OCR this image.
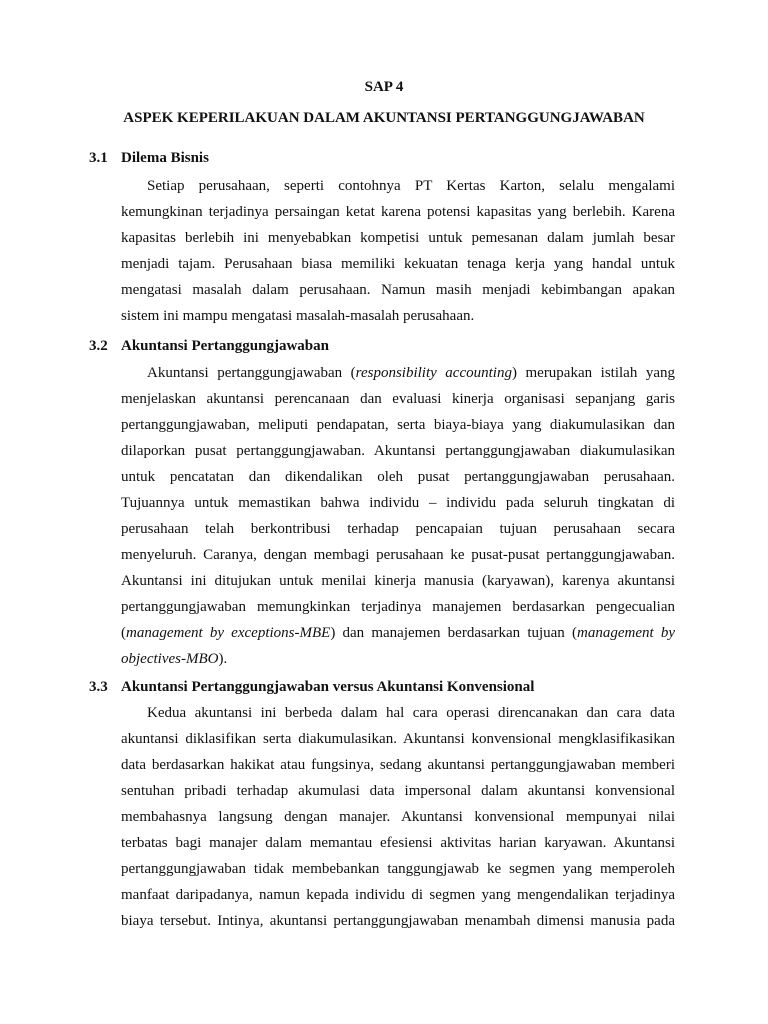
SAP 4
ASPEK KEPERILAKUAN DALAM AKUNTANSI PERTANGGUNGJAWABAN
3.1 Dilema Bisnis
Setiap perusahaan, seperti contohnya PT Kertas Karton, selalu mengalami
kemungkinan terjadinya persaingan ketat karena potensi kapasitas yang berlebih. Karena
kapasitas berlebih ini menyebabkan kompetisi untuk pemesanan dalam jumlah besar
menjadi tajam. Perusahaan biasa memiliki kekuatan tenaga kerja yang handal untuk
mengatasi masalah dalam perusahaan. Namun masih menjadi kebimbangan apakan
sistem ini mampu mengatasi masalah-masalah perusahaan.
3.2 Akuntansi Pertanggungjawaban
Akuntansi pertanggungjawaban (responsibility accounting) merupakan istilah yang
menjelaskan akuntansi perencanaan dan evaluasi kinerja organisasi sepanjang garis
pertanggungjawaban, meliputi pendapatan, serta biaya-biaya yang diakumulasikan dan
dilaporkan pusat pertanggungjawaban. Akuntansi pertanggungjawaban diakumulasikan
untuk pencatatan dan dikendalikan oleh pusat pertanggungjawaban perusahaan.
Tujuannya untuk memastikan bahwa individu – individu pada seluruh tingkatan di
perusahaan telah berkontribusi terhadap pencapaian tujuan perusahaan secara
menyeluruh. Caranya, dengan membagi perusahaan ke pusat-pusat pertanggungjawaban.
Akuntansi ini ditujukan untuk menilai kinerja manusia (karyawan), karenya akuntansi
pertanggungjawaban memungkinkan terjadinya manajemen berdasarkan pengecualian
(management by exceptions-MBE) dan manajemen berdasarkan tujuan (management by
objectives-MBO).
3.3 Akuntansi Pertanggungjawaban versus Akuntansi Konvensional
Kedua akuntansi ini berbeda dalam hal cara operasi direncanakan dan cara data
akuntansi diklasifikan serta diakumulasikan. Akuntansi konvensional mengklasifikasikan
data berdasarkan hakikat atau fungsinya, sedang akuntansi pertanggungjawaban memberi
sentuhan pribadi terhadap akumulasi data impersonal dalam akuntansi konvensional
membahasnya langsung dengan manajer. Akuntansi konvensional mempunyai nilai
terbatas bagi manajer dalam memantau efesiensi aktivitas harian karyawan. Akuntansi
pertanggungjawaban tidak membebankan tanggungjawab ke segmen yang memperoleh
manfaat daripadanya, namun kepada individu di segmen yang mengendalikan terjadinya
biaya tersebut. Intinya, akuntansi pertanggungjawaban menambah dimensi manusia pada
